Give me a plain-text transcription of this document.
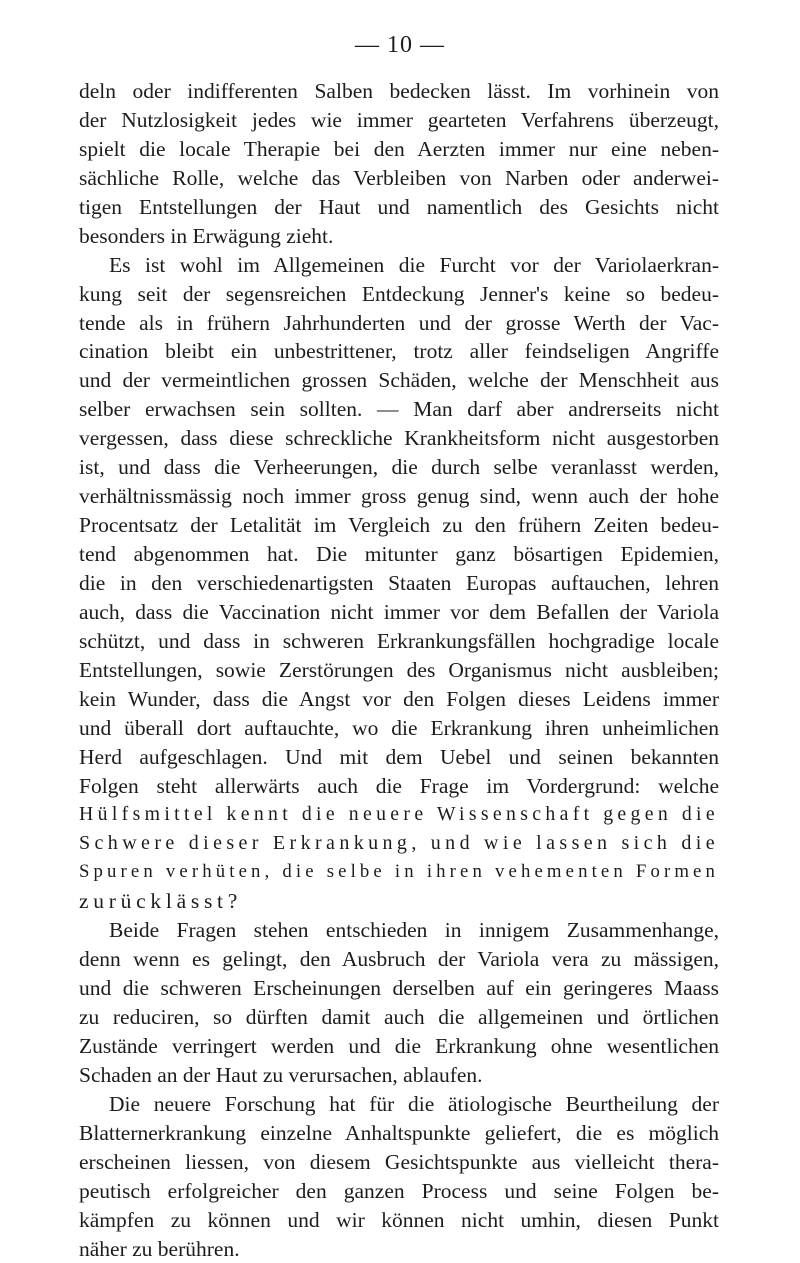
— 10 —
deln oder indifferenten Salben bedecken lässt. Im vorhinein von
der Nutzlosigkeit jedes wie immer gearteten Verfahrens überzeugt,
spielt die locale Therapie bei den Aerzten immer nur eine neben-
sächliche Rolle, welche das Verbleiben von Narben oder anderwei-
tigen Entstellungen der Haut und namentlich des Gesichts nicht
besonders in Erwägung zieht.
Es ist wohl im Allgemeinen die Furcht vor der Variolaerkran-
kung seit der segensreichen Entdeckung Jenner's keine so bedeu-
tende als in frühern Jahrhunderten und der grosse Werth der Vac-
cination bleibt ein unbestrittener, trotz aller feindseligen Angriffe
und der vermeintlichen grossen Schäden, welche der Menschheit aus
selber erwachsen sein sollten. — Man darf aber andrerseits nicht
vergessen, dass diese schreckliche Krankheitsform nicht ausgestorben
ist, und dass die Verheerungen, die durch selbe veranlasst werden,
verhältnissmässig noch immer gross genug sind, wenn auch der hohe
Procentsatz der Letalität im Vergleich zu den frühern Zeiten bedeu-
tend abgenommen hat. Die mitunter ganz bösartigen Epidemien,
die in den verschiedenartigsten Staaten Europas auftauchen, lehren
auch, dass die Vaccination nicht immer vor dem Befallen der Variola
schützt, und dass in schweren Erkrankungsfällen hochgradige locale
Entstellungen, sowie Zerstörungen des Organismus nicht ausbleiben;
kein Wunder, dass die Angst vor den Folgen dieses Leidens immer
und überall dort auftauchte, wo die Erkrankung ihren unheimlichen
Herd aufgeschlagen. Und mit dem Uebel und seinen bekannten
Folgen steht allerwärts auch die Frage im Vordergrund: welche
Hülfsmittel kennt die neuere Wissenschaft gegen die
Schwere dieser Erkrankung, und wie lassen sich die
Spuren verhüten, die selbe in ihren vehementen Formen
zurücklässt?
Beide Fragen stehen entschieden in innigem Zusammenhange,
denn wenn es gelingt, den Ausbruch der Variola vera zu mässigen,
und die schweren Erscheinungen derselben auf ein geringeres Maass
zu reduciren, so dürften damit auch die allgemeinen und örtlichen
Zustände verringert werden und die Erkrankung ohne wesentlichen
Schaden an der Haut zu verursachen, ablaufen.
Die neuere Forschung hat für die ätiologische Beurtheilung der
Blatternerkrankung einzelne Anhaltspunkte geliefert, die es möglich
erscheinen liessen, von diesem Gesichtspunkte aus vielleicht thera-
peutisch erfolgreicher den ganzen Process und seine Folgen be-
kämpfen zu können und wir können nicht umhin, diesen Punkt
näher zu berühren.
